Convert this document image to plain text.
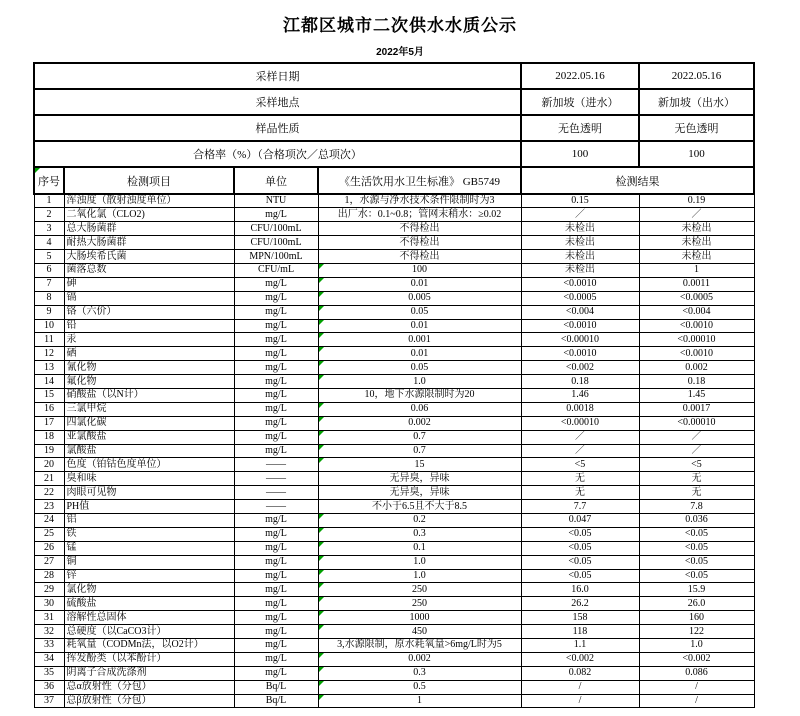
江都区城市二次供水水质公示
2022年5月
采样日期				2022.05.16	2022.05.16
采样地点				新加坡（进水）	新加坡（出水）
样品性质				无色透明	无色透明
合格率（%）（合格项次／总项次）				100	100
序号	检测项目	单位	《生活饮用水卫生标准》 GB5749	检测结果	
1	浑浊度（散射浊度单位）	NTU	1，水源与净水技术条件限制时为3	0.15	0.19
2	二氧化氯（CLO2)	mg/L	出厂水：0.1~0.8；管网末稍水：≥0.02	／	／
3	总大肠菌群	CFU/100mL	不得检出	未检出	未检出
4	耐热大肠菌群	CFU/100mL	不得检出	未检出	未检出
5	大肠埃希氏菌	MPN/100mL	不得检出	未检出	未检出
6	菌落总数	CFU/mL	100	未检出	1
7	砷	mg/L	0.01	<0.0010	0.0011
8	镉	mg/L	0.005	<0.0005	<0.0005
9	铬（六价）	mg/L	0.05	<0.004	<0.004
10	铅	mg/L	0.01	<0.0010	<0.0010
11	汞	mg/L	0.001	<0.00010	<0.00010
12	硒	mg/L	0.01	<0.0010	<0.0010
13	氰化物	mg/L	0.05	<0.002	0.002
14	氟化物	mg/L	1.0	0.18	0.18
15	硝酸盐（以N计）	mg/L	10，地下水源限制时为20	1.46	1.45
16	三氯甲烷	mg/L	0.06	0.0018	0.0017
17	四氯化碳	mg/L	0.002	<0.00010	<0.00010
18	亚氯酸盐	mg/L	0.7	／	／
19	氯酸盐	mg/L	0.7	／	／
20	色度（铂钴色度单位）	——	15	<5	<5
21	臭和味	——	无异臭，异味	无	无
22	肉眼可见物	——	无异臭，异味	无	无
23	PH值	——	不小于6.5且不大于8.5	7.7	7.8
24	铝	mg/L	0.2	0.047	0.036
25	铁	mg/L	0.3	<0.05	<0.05
26	锰	mg/L	0.1	<0.05	<0.05
27	铜	mg/L	1.0	<0.05	<0.05
28	锌	mg/L	1.0	<0.05	<0.05
29	氯化物	mg/L	250	16.0	15.9
30	硫酸盐	mg/L	250	26.2	26.0
31	溶解性总固体	mg/L	1000	158	160
32	总硬度（以CaCO3计）	mg/L	450	118	122
33	耗氧量（CODMn法，以O2计）	mg/L	3,水源限制，原水耗氧量>6mg/L时为5	1.1	1.0
34	挥发酚类（以苯酚计）	mg/L	0.002	<0.002	<0.002
35	阴离子合成洗涤剂	mg/L	0.3	0.082	0.086
36	总α放射性（分包）	Bq/L	0.5	/	/
37	总β放射性（分包）	Bq/L	1	/	/
